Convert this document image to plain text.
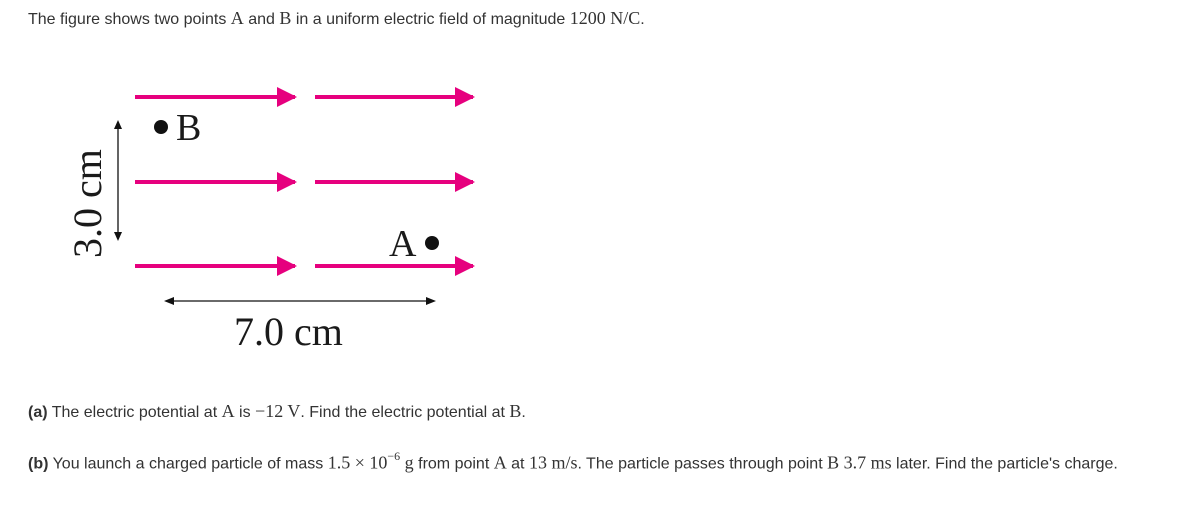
The figure shows two points A and B in a uniform electric field of magnitude 1200 N/C.

B
A
3.0 cm
7.0 cm

(a) The electric potential at A is −12 V. Find the electric potential at B.

(b) You launch a charged particle of mass $1.5 \times 10^{-6}$ g from point A at 13 m/s. The particle passes through point B 3.7 ms later. Find the particle's charge.
